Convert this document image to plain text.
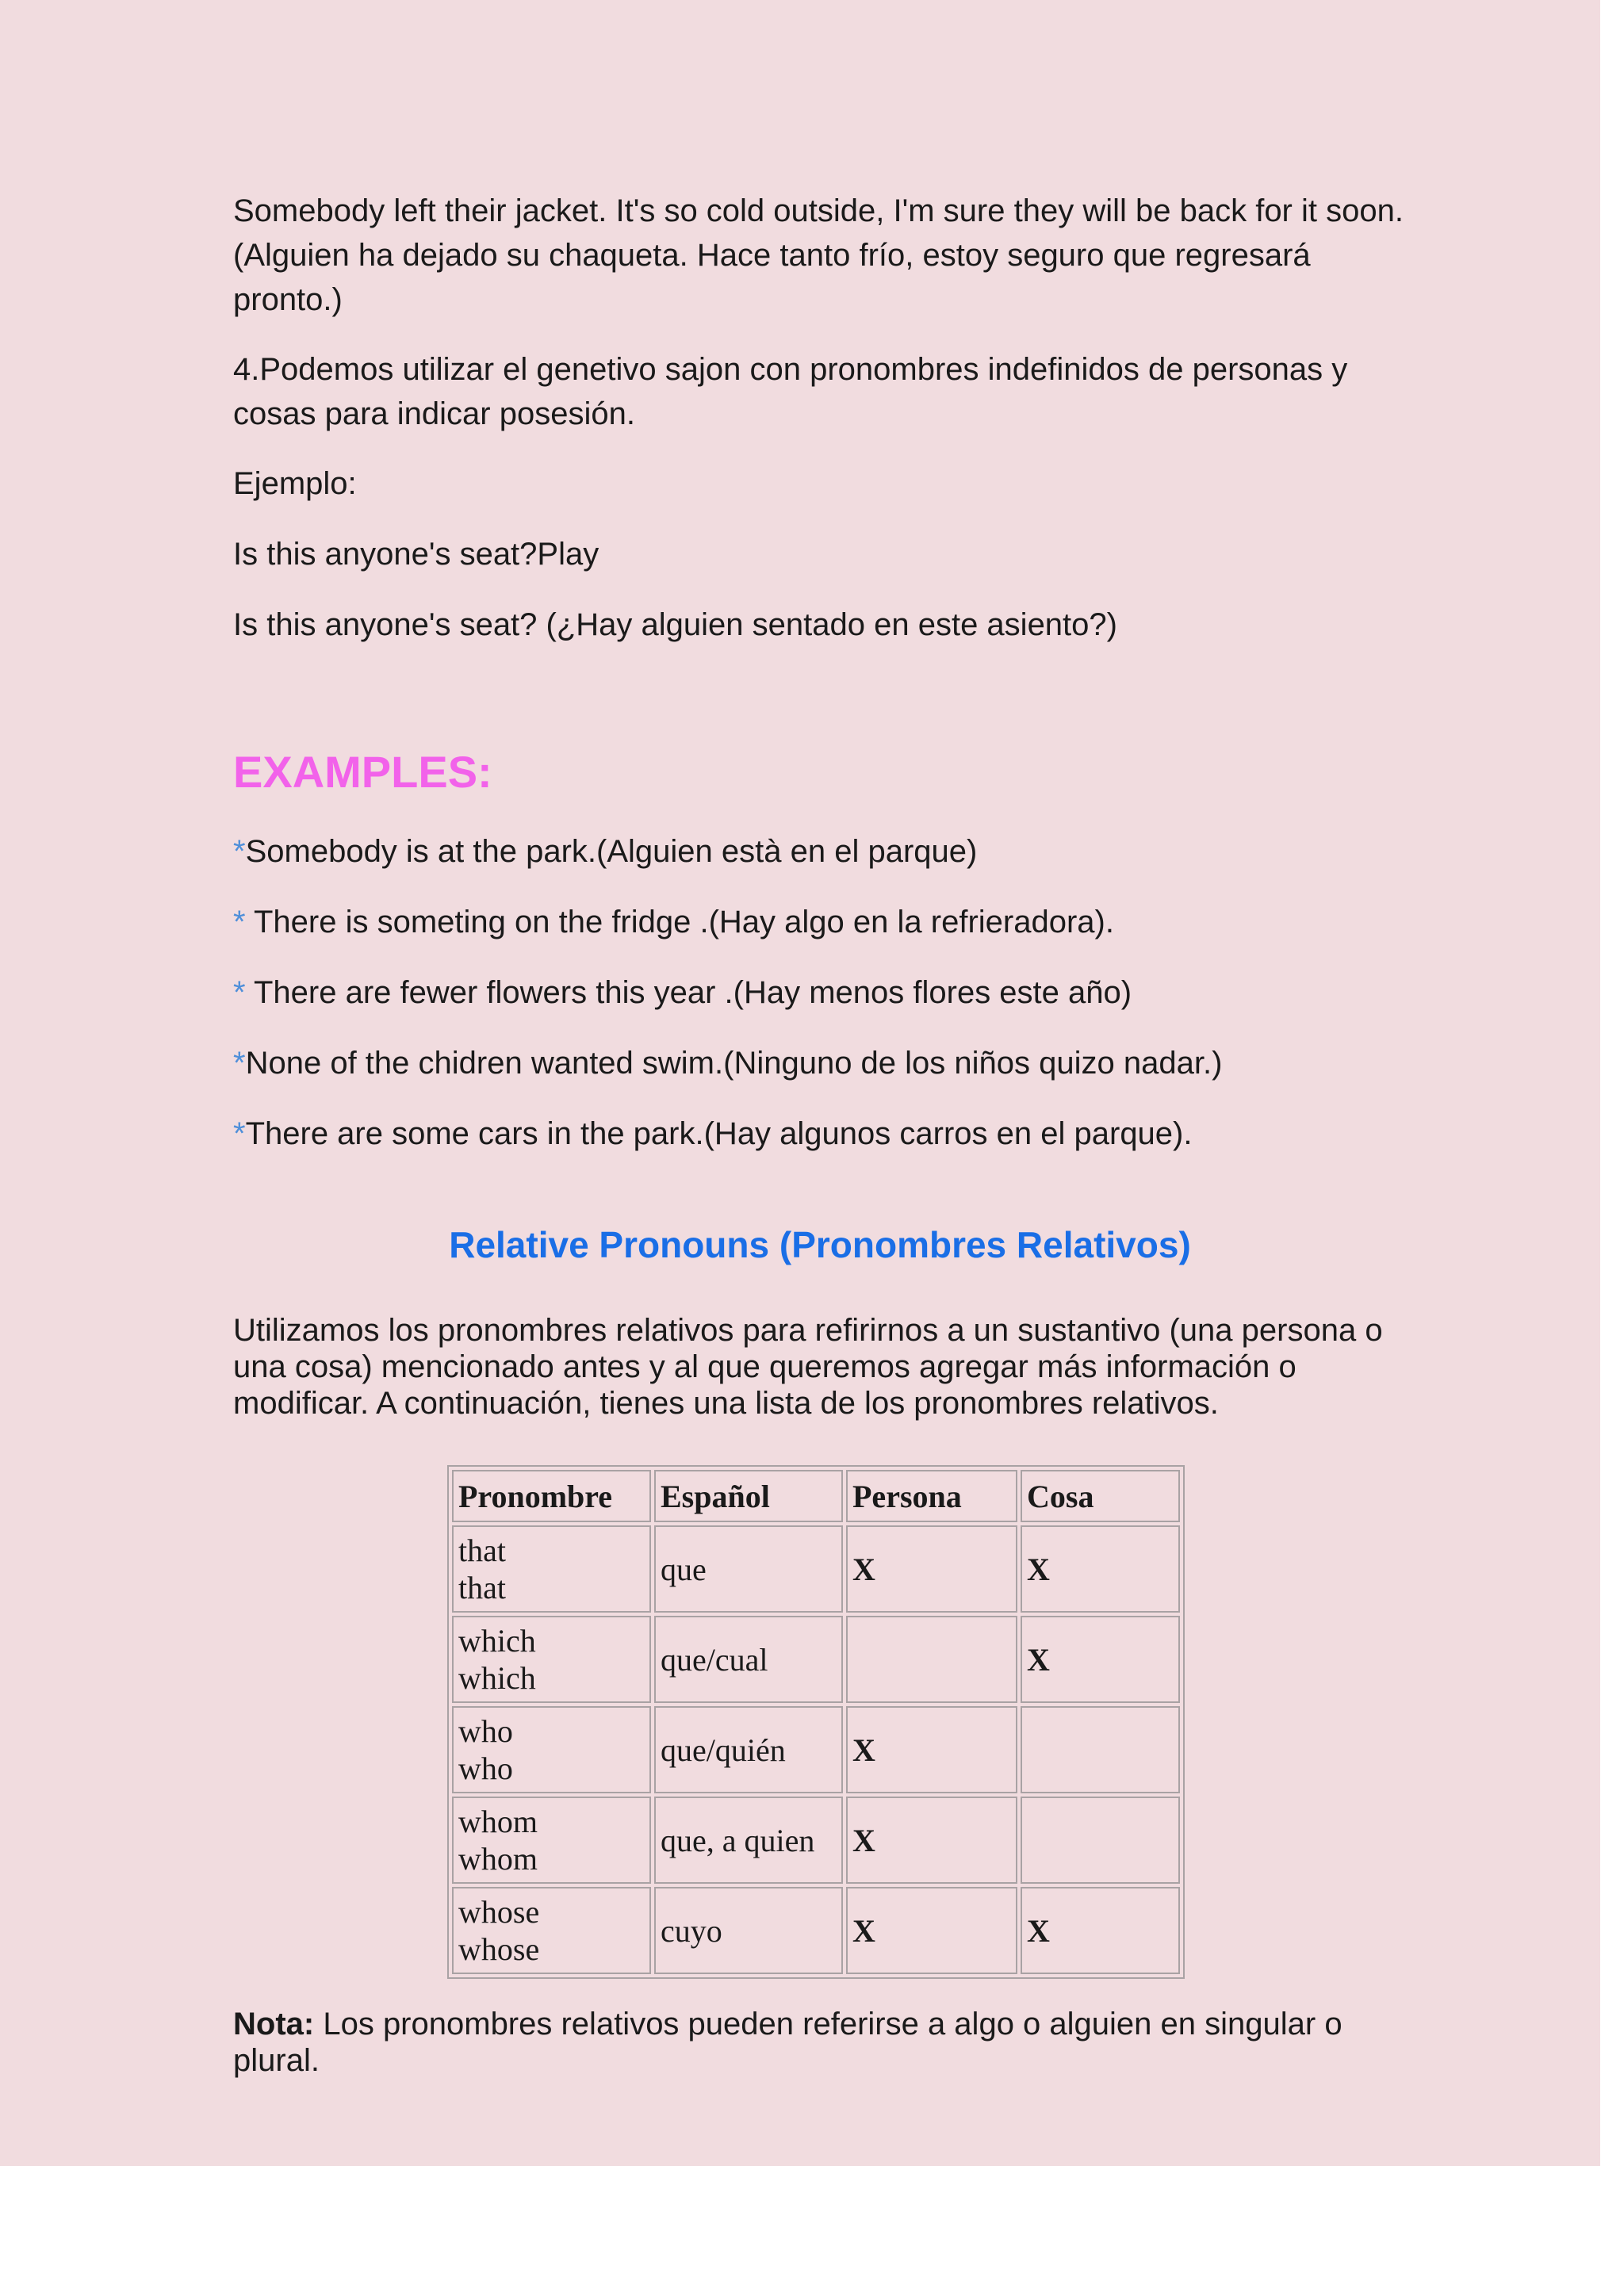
Somebody left their jacket. It's so cold outside, I'm sure they will be back for it soon. (Alguien ha dejado su chaqueta. Hace tanto frío, estoy seguro que regresará pronto.)

4.Podemos utilizar el genetivo sajon con pronombres indefinidos de personas y cosas para indicar posesión.

Ejemplo:

Is this anyone's seat?Play

Is this anyone's seat? (¿Hay alguien sentado en este asiento?)

EXAMPLES:

*Somebody is at the park.(Alguien està en el parque)

* There is someting on the fridge .(Hay algo en la refrieradora).

* There are fewer flowers this year .(Hay menos flores este año)

*None of the chidren wanted swim.(Ninguno de los niños quizo nadar.)

*There are some cars in the park.(Hay algunos carros en el parque).

Relative Pronouns (Pronombres Relativos)

Utilizamos los pronombres relativos para refirirnos a un sustantivo (una persona o una cosa) mencionado antes y al que queremos agregar más información o modificar. A continuación, tienes una lista de los pronombres relativos.

Pronombre	Español	Persona	Cosa
that
that	que	X	X
which
which	que/cual		X
who
who	que/quién	X	
whom
whom	que, a quien	X	
whose
whose	cuyo	X	X

Nota: Los pronombres relativos pueden referirse a algo o alguien en singular o plural.
